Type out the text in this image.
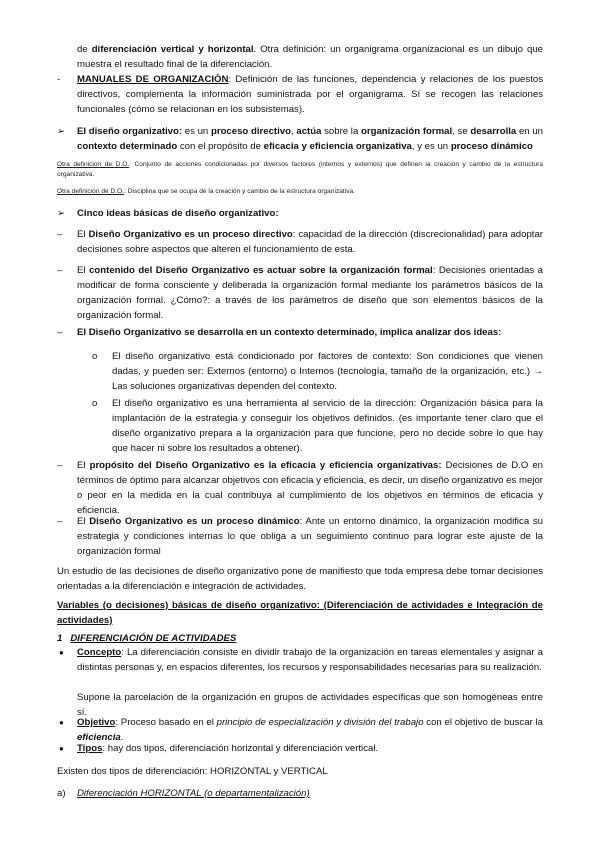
de diferenciación vertical y horizontal. Otra definición: un organigrama organizacional es un dibujo que muestra el resultado final de la diferenciación.
- MANUALES DE ORGANIZACIÓN: Definición de las funciones, dependencia y relaciones de los puestos directivos, complementa la información suministrada por el organigrama. Sí se recogen las relaciones funcionales (cómo se relacionan en los subsistemas).
➢ El diseño organizativo: es un proceso directivo, actúa sobre la organización formal, se desarrolla en un contexto determinado con el propósito de eficacia y eficiencia organizativa, y es un proceso dinámico
Otra definición de D.O.: Conjunto de acciones condicionadas por diversos factores (internos y externos) que definen la creación y cambio de la estructura organizativa.
Otra definición de D.O.: Disciplina que se ocupa de la creación y cambio de la estructura organizativa.
➢ Cinco ideas básicas de diseño organizativo:
– El Diseño Organizativo es un proceso directivo: capacidad de la dirección (discrecionalidad) para adoptar decisiones sobre aspectos que alteren el funcionamiento de esta.
– El contenido del Diseño Organizativo es actuar sobre la organización formal: Decisiones orientadas a modificar de forma consciente y deliberada la organización formal mediante los parámetros básicos de la organización formal. ¿Cómo?: a través de los parámetros de diseño que son elementos básicos de la organización formal.
– El Diseño Organizativo se desarrolla en un contexto determinado, implica analizar dos ideas:
o El diseño organizativo está condicionado por factores de contexto: Son condiciones que vienen dadas, y pueden ser: Externos (entorno) o Internos (tecnología, tamaño de la organización, etc.) → Las soluciones organizativas dependen del contexto.
o El diseño organizativo es una herramienta al servicio de la dirección: Organización básica para la implantación de la estrategia y conseguir los objetivos definidos. (es importante tener claro que el diseño organizativo prepara a la organización para que funcione, pero no decide sobre lo que hay que hacer ni sobre los resultados a obtener).
– El propósito del Diseño Organizativo es la eficacia y eficiencia organizativas: Decisiones de D.O en términos de óptimo para alcanzar objetivos con eficacia y eficiencia, es decir, un diseño organizativo es mejor o peor en la medida en la cual contribuya al cumplimiento de los objetivos en términos de eficacia y eficiencia.
– El Diseño Organizativo es un proceso dinámico: Ante un entorno dinámico, la organización modifica su estrategia y condiciones internas lo que obliga a un seguimiento continuo para lograr este ajuste de la organización formal
Un estudio de las decisiones de diseño organizativo pone de manifiesto que toda empresa debe tomar decisiones orientadas a la diferenciación e integración de actividades.
Variables (o decisiones) básicas de diseño organizativo: (Diferenciación de actividades e Integración de actividades)
1 DIFERENCIACIÓN DE ACTIVIDADES
● Concepto: La diferenciación consiste en dividir trabajo de la organización en tareas elementales y asignar a distintas personas y, en espacios diferentes, los recursos y responsabilidades necesarias para su realización.
Supone la parcelación de la organización en grupos de actividades específicas que son homogéneas entre sí.
● Objetivo: Proceso basado en el principio de especialización y división del trabajo con el objetivo de buscar la eficiencia.
● Tipos: hay dos tipos, diferenciación horizontal y diferenciación vertical.
Existen dos tipos de diferenciación: HORIZONTAL y VERTICAL
a) Diferenciación HORIZONTAL (o departamentalización)
